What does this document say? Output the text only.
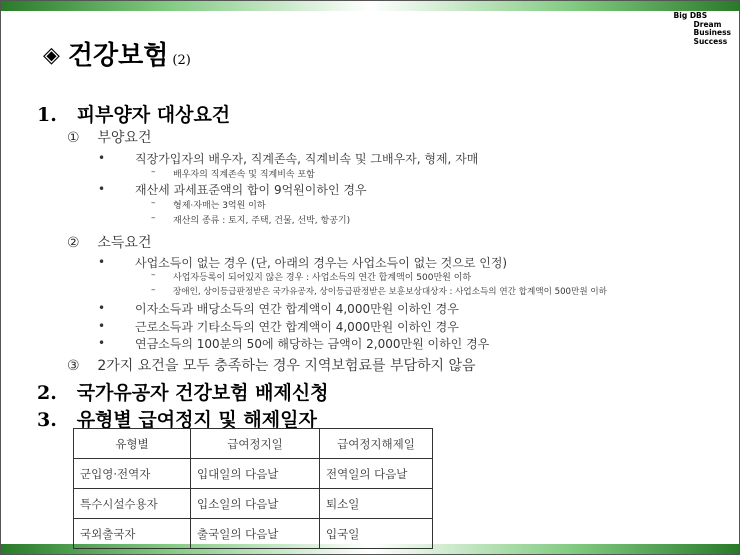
Big DBS
Dream
Business
Success
◈ 건강보험 (2)
1. 피부양자 대상요건
① 부양요건
• 직장가입자의 배우자, 직계존속, 직계비속 및 그배우자, 형제, 자매
– 배우자의 직계존속 및 직계비속 포함
• 재산세 과세표준액의 합이 9억원이하인 경우
– 형제·자매는 3억원 이하
– 재산의 종류 : 토지, 주택, 건물, 선박, 항공기)
② 소득요건
• 사업소득이 없는 경우 (단, 아래의 경우는 사업소득이 없는 것으로 인정)
– 사업자등록이 되어있지 않은 경우 : 사업소득의 연간 합계액이 500만원 이하
– 장애인, 상이등급판정받은 국가유공자, 상이등급판정받은 보훈보상대상자 : 사업소득의 연간 합계액이 500만원 이하
• 이자소득과 배당소득의 연간 합계액이 4,000만원 이하인 경우
• 근로소득과 기타소득의 연간 합계액이 4,000만원 이하인 경우
• 연금소득의 100분의 50에 해당하는 금액이 2,000만원 이하인 경우
③ 2가지 요건을 모두 충족하는 경우 지역보험료를 부담하지 않음
2. 국가유공자 건강보험 배제신청
3. 유형별 급여정지 및 해제일자
유형별	급여정지일	급여정지해제일
군입영·전역자	입대일의 다음날	전역일의 다음날
특수시설수용자	입소일의 다음날	퇴소일
국외출국자	출국일의 다음날	입국일
